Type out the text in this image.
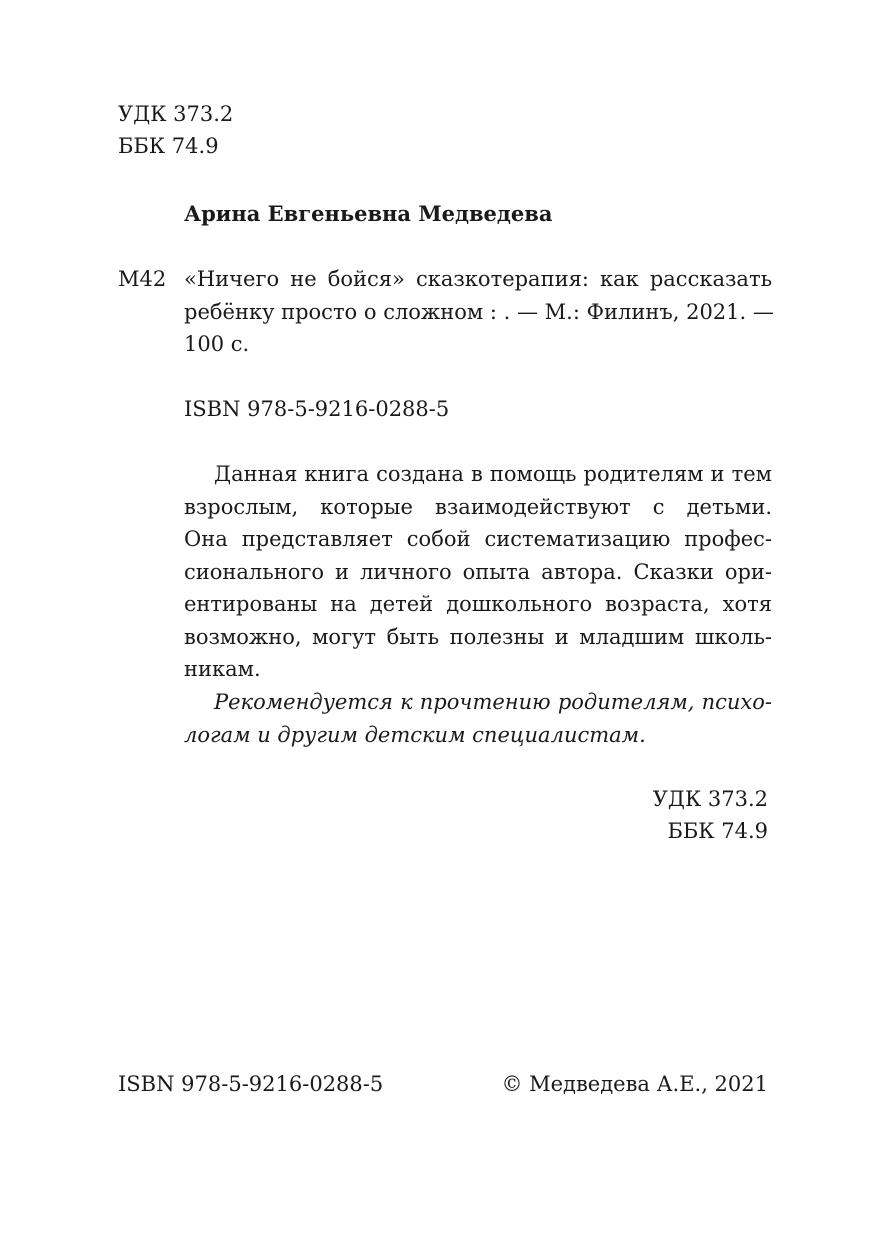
УДК 373.2
ББК 74.9
Арина Евгеньевна Медведева
М42 «Ничего не бойся» сказкотерапия: как рассказать
ребёнку просто о сложном : . — М.: Филинъ, 2021. —
100 с.
ISBN 978-5-9216-0288-5
Данная книга создана в помощь родителям и тем
взрослым, которые взаимодействуют с детьми.
Она представляет собой систематизацию профес-
сионального и личного опыта автора. Сказки ори-
ентированы на детей дошкольного возраста, хотя
возможно, могут быть полезны и младшим школь-
никам.
Рекомендуется к прочтению родителям, психо-
логам и другим детским специалистам.
УДК 373.2
ББК 74.9
ISBN 978-5-9216-0288-5	© Медведева А.Е., 2021
